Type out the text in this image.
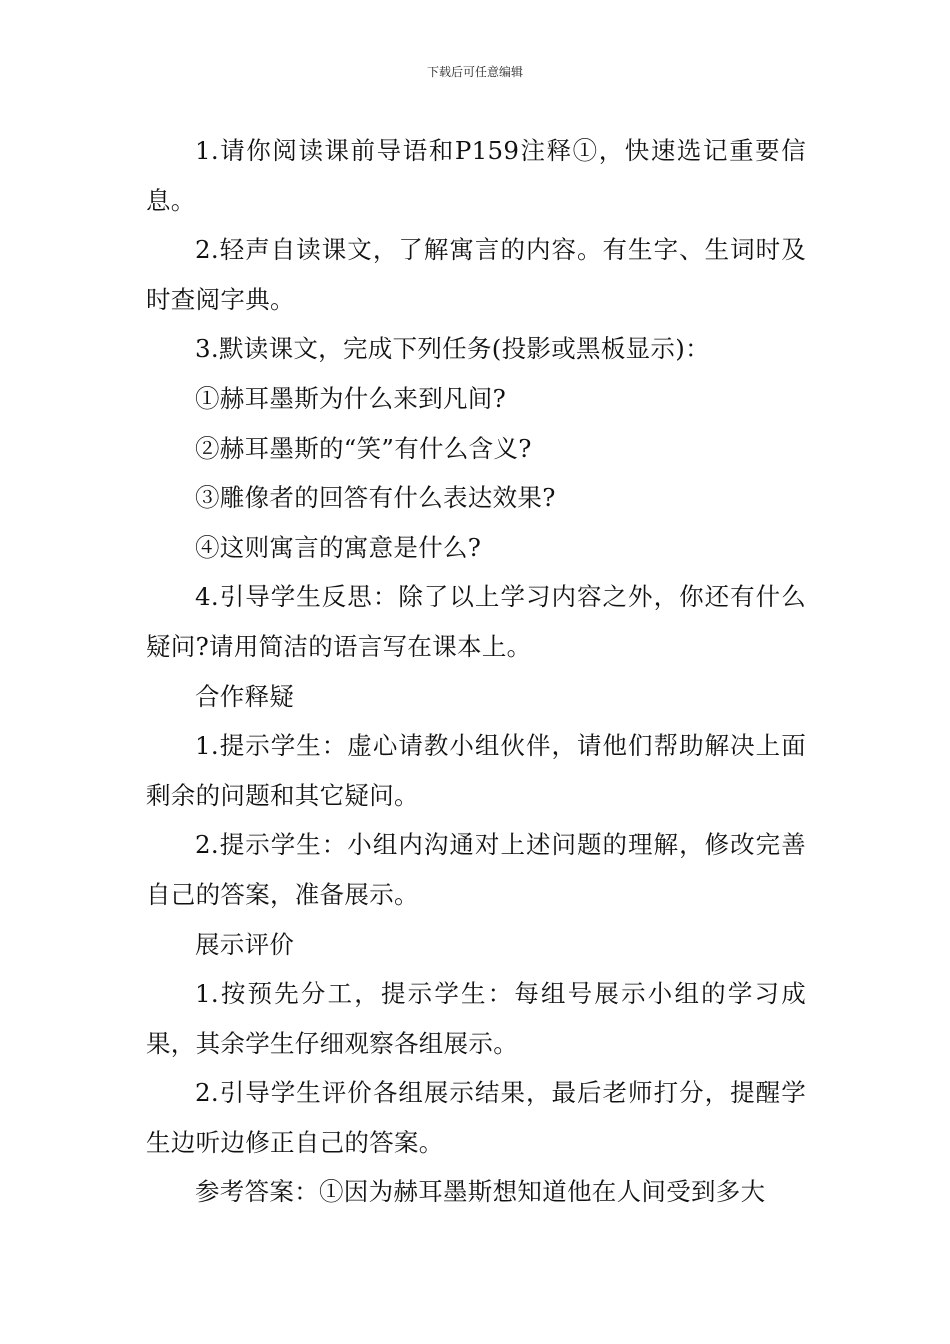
下载后可任意编辑

1.请你阅读课前导语和P159注释①，快速选记重要信息。

2.轻声自读课文，了解寓言的内容。有生字、生词时及时查阅字典。

3.默读课文，完成下列任务(投影或黑板显示)：

①赫耳墨斯为什么来到凡间?

②赫耳墨斯的“笑”有什么含义?

③雕像者的回答有什么表达效果?

④这则寓言的寓意是什么?

4.引导学生反思：除了以上学习内容之外，你还有什么疑问?请用简洁的语言写在课本上。

合作释疑

1.提示学生：虚心请教小组伙伴，请他们帮助解决上面剩余的问题和其它疑问。

2.提示学生：小组内沟通对上述问题的理解，修改完善自己的答案，准备展示。

展示评价

1.按预先分工，提示学生：每组号展示小组的学习成果，其余学生仔细观察各组展示。

2.引导学生评价各组展示结果，最后老师打分，提醒学生边听边修正自己的答案。

参考答案：①因为赫耳墨斯想知道他在人间受到多大
